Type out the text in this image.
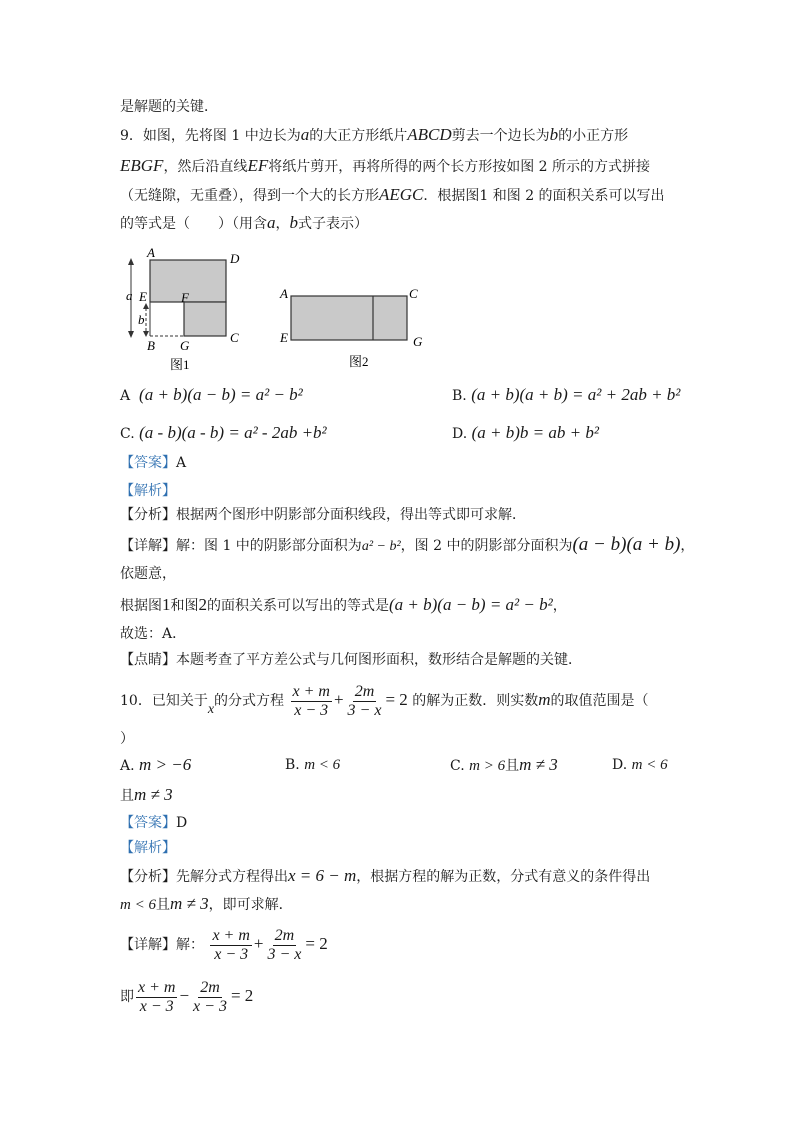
是解题的关键．
9．如图，先将图 1 中边长为a的大正方形纸片ABCD剪去一个边长为b的小正方形
EBGF，然后沿直线EF将纸片剪开，再将所得的两个长方形按如图 2 所示的方式拼接
（无缝隙，无重叠），得到一个大的长方形AEGC．根据图1 和图 2 的面积关系可以写出
的等式是（　　）（用含a，b式子表示）
A	D
E	F
a
b
B G
C
图1
A	C
E	G
图2
A (a + b)(a − b) = a² − b²	B. (a + b)(a + b) = a² + 2ab + b²
C. (a - b)(a - b) = a² - 2ab +b²	D. (a + b)b = ab + b²
【答案】A
【解析】
【分析】根据两个图形中阴影部分面积线段，得出等式即可求解．
【详解】解：图 1 中的阴影部分面积为a² − b²，图 2 中的阴影部分面积为(a − b)(a + b)，
依题意，
根据图1和图2的面积关系可以写出的等式是(a + b)(a − b) = a² − b²，
故选：A．
【点睛】本题考查了平方差公式与几何图形面积，数形结合是解题的关键．
10．已知关于x的分式方程 $\frac{x + m}{x - 3} + \frac{2m}{3 - x} = 2$ 的解为正数．则实数m的取值范围是（
）
A. m > −6	B. m < 6	C. m > 6且m ≠ 3	D. m < 6
且m ≠ 3
【答案】D
【解析】
【分析】先解分式方程得出x = 6 − m，根据方程的解为正数，分式有意义的条件得出
m < 6且m ≠ 3，即可求解．
【详解】解： $\frac{x + m}{x - 3} + \frac{2m}{3 - x} = 2$
即 $\frac{x + m}{x - 3} - \frac{2m}{x - 3} = 2$
